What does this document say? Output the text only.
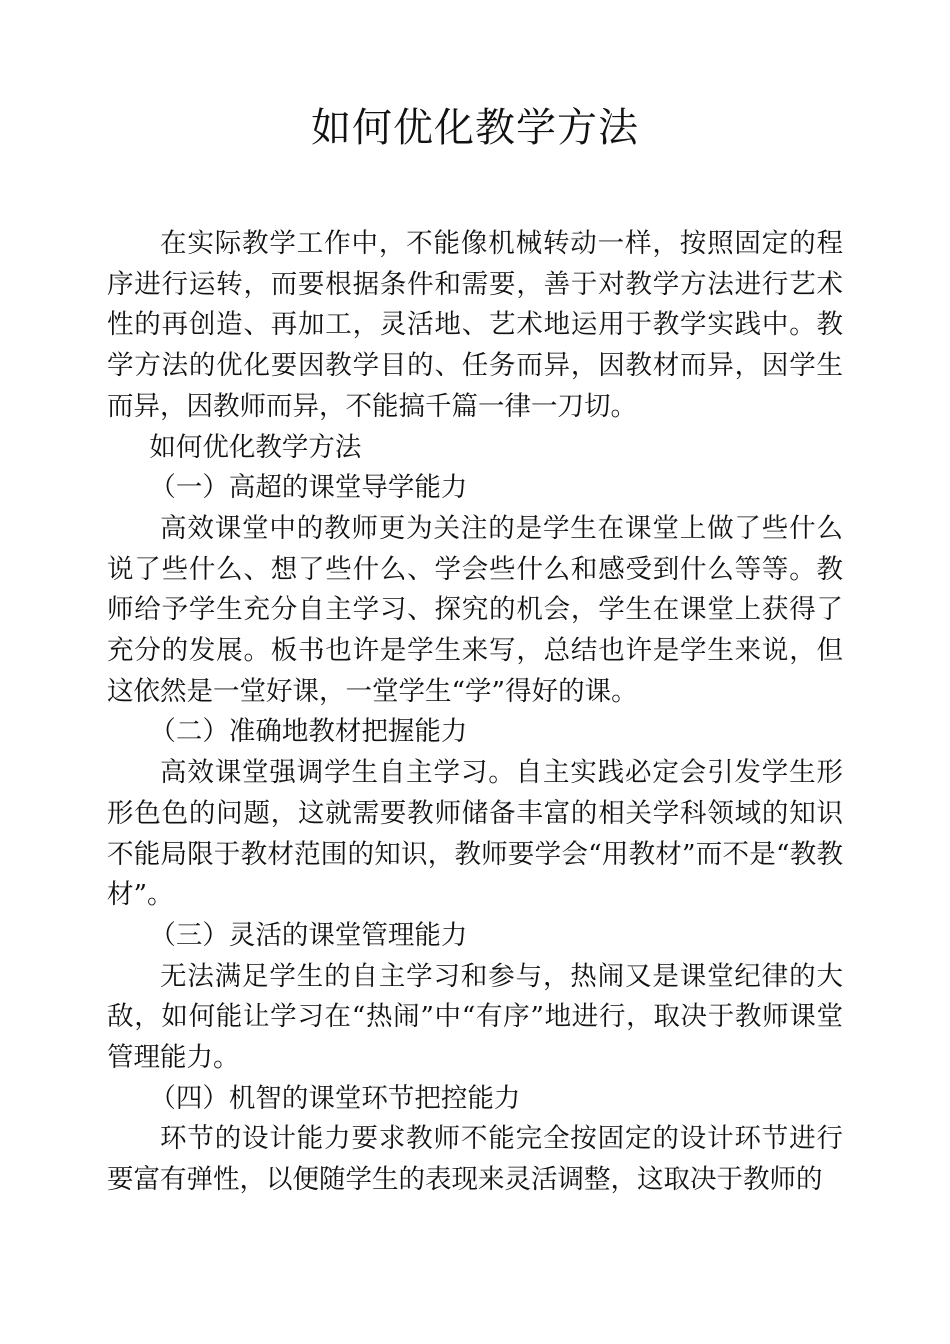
如何优化教学方法

在实际教学工作中，不能像机械转动一样，按照固定的程序进行运转，而要根据条件和需要，善于对教学方法进行艺术性的再创造、再加工，灵活地、艺术地运用于教学实践中。教学方法的优化要因教学目的、任务而异，因教材而异，因学生而异，因教师而异，不能搞千篇一律一刀切。

如何优化教学方法

（一）高超的课堂导学能力

高效课堂中的教师更为关注的是学生在课堂上做了些什么说了些什么、想了些什么、学会些什么和感受到什么等等。教师给予学生充分自主学习、探究的机会，学生在课堂上获得了充分的发展。板书也许是学生来写，总结也许是学生来说，但这依然是一堂好课，一堂学生“学”得好的课。

（二）准确地教材把握能力

高效课堂强调学生自主学习。自主实践必定会引发学生形形色色的问题，这就需要教师储备丰富的相关学科领域的知识不能局限于教材范围的知识，教师要学会“用教材”而不是“教教材”。

（三）灵活的课堂管理能力

无法满足学生的自主学习和参与，热闹又是课堂纪律的大敌，如何能让学习在“热闹”中“有序”地进行，取决于教师课堂管理能力。

（四）机智的课堂环节把控能力

环节的设计能力要求教师不能完全按固定的设计环节进行要富有弹性，以便随学生的表现来灵活调整，这取决于教师的
